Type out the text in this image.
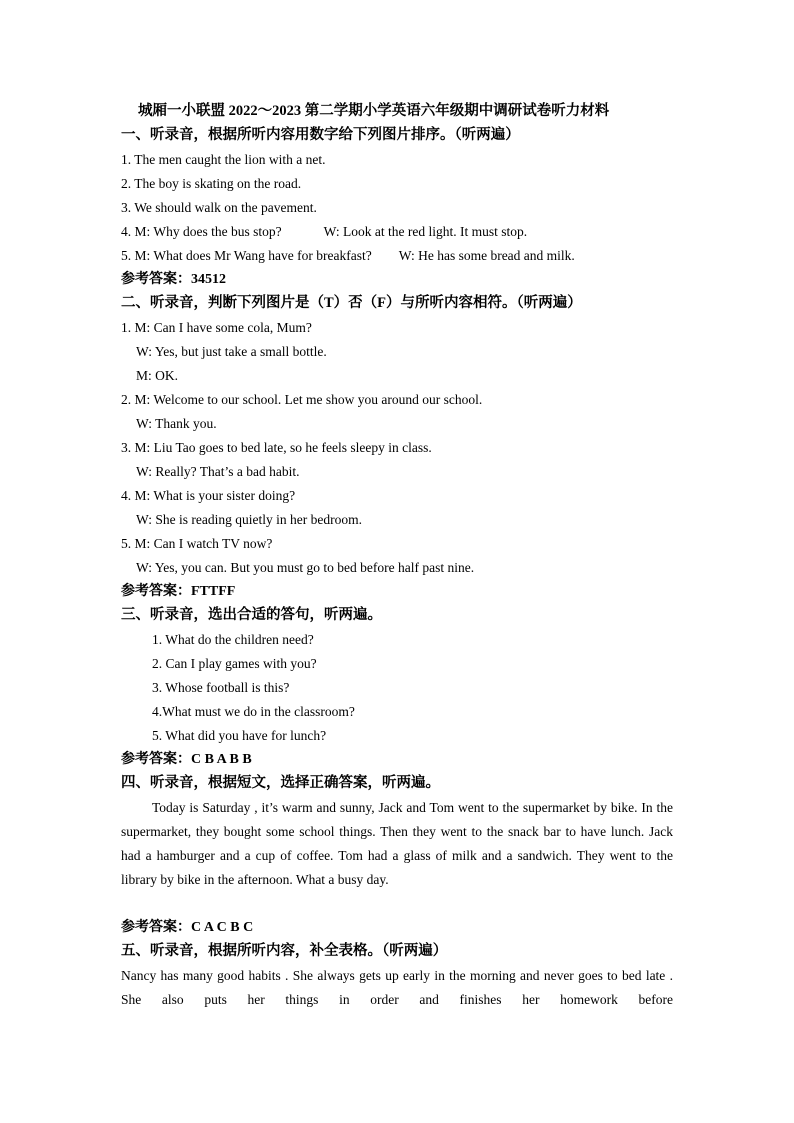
城厢一小联盟 2022～2023 第二学期小学英语六年级期中调研试卷听力材料
一、听录音，根据所听内容用数字给下列图片排序。（听两遍）
1. The men caught the lion with a net.
2. The boy is skating on the road.
3. We should walk on the pavement.
4. M: Why does the bus stop?	W: Look at the red light. It must stop.
5. M: What does Mr Wang have for breakfast? W: He has some bread and milk.
参考答案：34512
二、听录音，判断下列图片是（T）否（F）与所听内容相符。（听两遍）
1. M: Can I have some cola, Mum?
W: Yes, but just take a small bottle.
M: OK.
2. M: Welcome to our school. Let me show you around our school.
W: Thank you.
3. M: Liu Tao goes to bed late, so he feels sleepy in class.
W: Really? That’s a bad habit.
4. M: What is your sister doing?
W: She is reading quietly in her bedroom.
5. M: Can I watch TV now?
W: Yes, you can. But you must go to bed before half past nine.
参考答案：FTTFF
三、听录音，选出合适的答句，听两遍。
1. What do the children need?
2. Can I play games with you?
3. Whose football is this?
4.What must we do in the classroom?
5. What did you have for lunch?
参考答案：C B A B B
四、听录音，根据短文，选择正确答案，听两遍。
Today is Saturday , it’s warm and sunny, Jack and Tom went to the supermarket by bike. In the supermarket, they bought some school things. Then they went to the snack bar to have lunch. Jack had a hamburger and a cup of coffee. Tom had a glass of milk and a sandwich. They went to the library by bike in the afternoon. What a busy day.
参考答案：C A C B C
五、听录音，根据所听内容，补全表格。（听两遍）
Nancy has many good habits . She always gets up early in the morning and never goes to bed late . She also puts her things in order and finishes her homework before
